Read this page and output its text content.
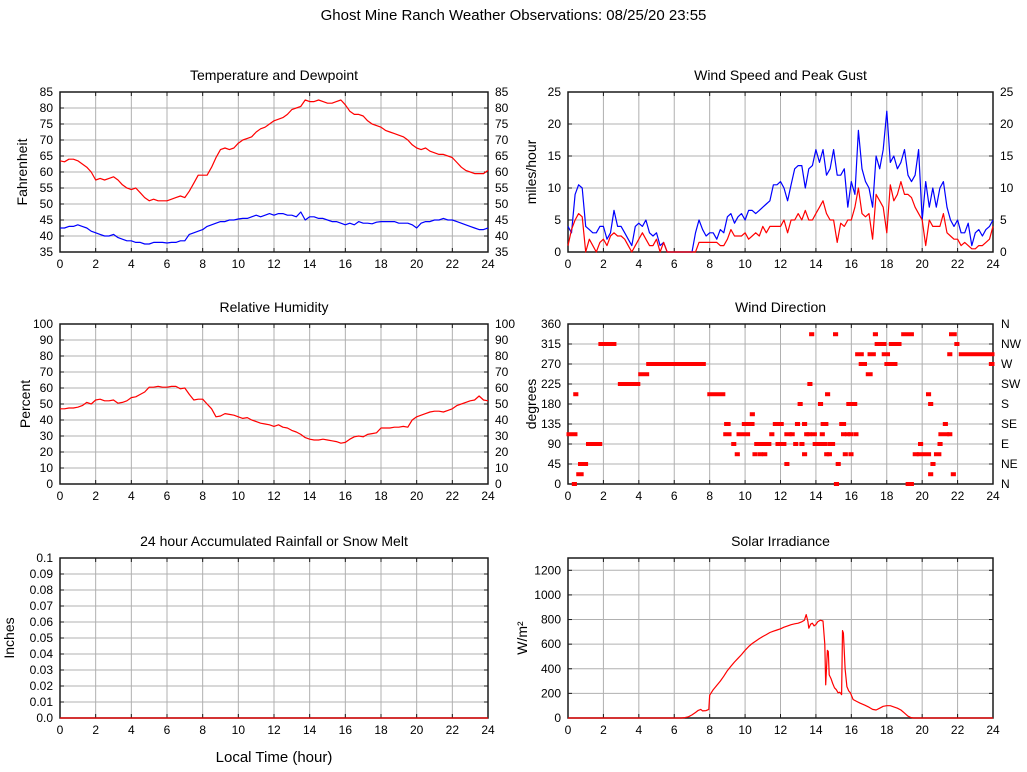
Ghost Mine Ranch Weather Observations: 08/25/20 23:55
Temperature and Dewpoint
0 2 4 6 8 10 12 14 16 18 20 22 24
35
40
45
50
55
60
65
70
75
80
85
35
40
45
50
55
60
65
70
75
80
85
Fahrenheit
Wind Speed and Peak Gust
0 2 4 6 8 10 12 14 16 18 20 22 24
0
5
10
15
20
25
0
5
10
15
20
25
miles/hour
Relative Humidity
0 2 4 6 8 10 12 14 16 18 20 22 24
0
10
20
30
40
50
60
70
80
90
100
0
10
20
30
40
50
60
70
80
90
100
Percent
Wind Direction
0 2 4 6 8 10 12 14 16 18 20 22 24
0
45
90
135
180
225
270
315
360	N
NW
W
SW
S
SE
E
NE
N
degrees
24 hour Accumulated Rainfall or Snow Melt
0 2 4 6 8 10 12 14 16 18 20 22 24
0.0
0.01
0.02
0.03
0.04
0.05
0.06
0.07
0.08
0.09
0.1
Inches
Local Time (hour)
Solar Irradiance
0 2 4 6 8 10 12 14 16 18 20 22 24
0
200
400
600
800
1000
1200
W/m²
